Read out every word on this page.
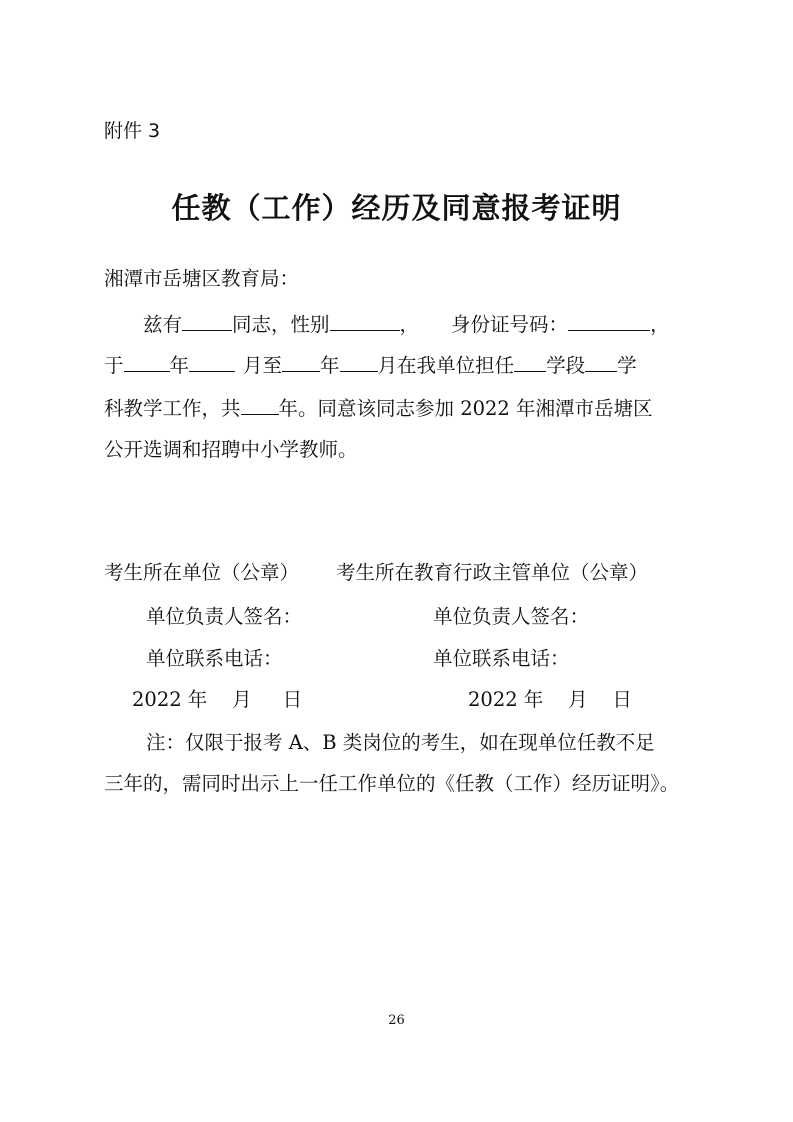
附件 3
任教（工作）经历及同意报考证明
湘潭市岳塘区教育局：
兹有	同志，性别	， 身份证号码：	，
于 年	月至 年 月在我单位担任 学段 学
科教学工作，共 年。同意该同志参加 2022 年湘潭市岳塘区
公开选调和招聘中小学教师。
考生所在单位（公章） 考生所在教育行政主管单位（公章）
单位负责人签名：	单位负责人签名：
单位联系电话：	单位联系电话：
2022 年    月     日	2022 年    月    日
注：仅限于报考 A、B 类岗位的考生，如在现单位任教不足
三年的，需同时出示上一任工作单位的《任教（工作）经历证明》。
26
